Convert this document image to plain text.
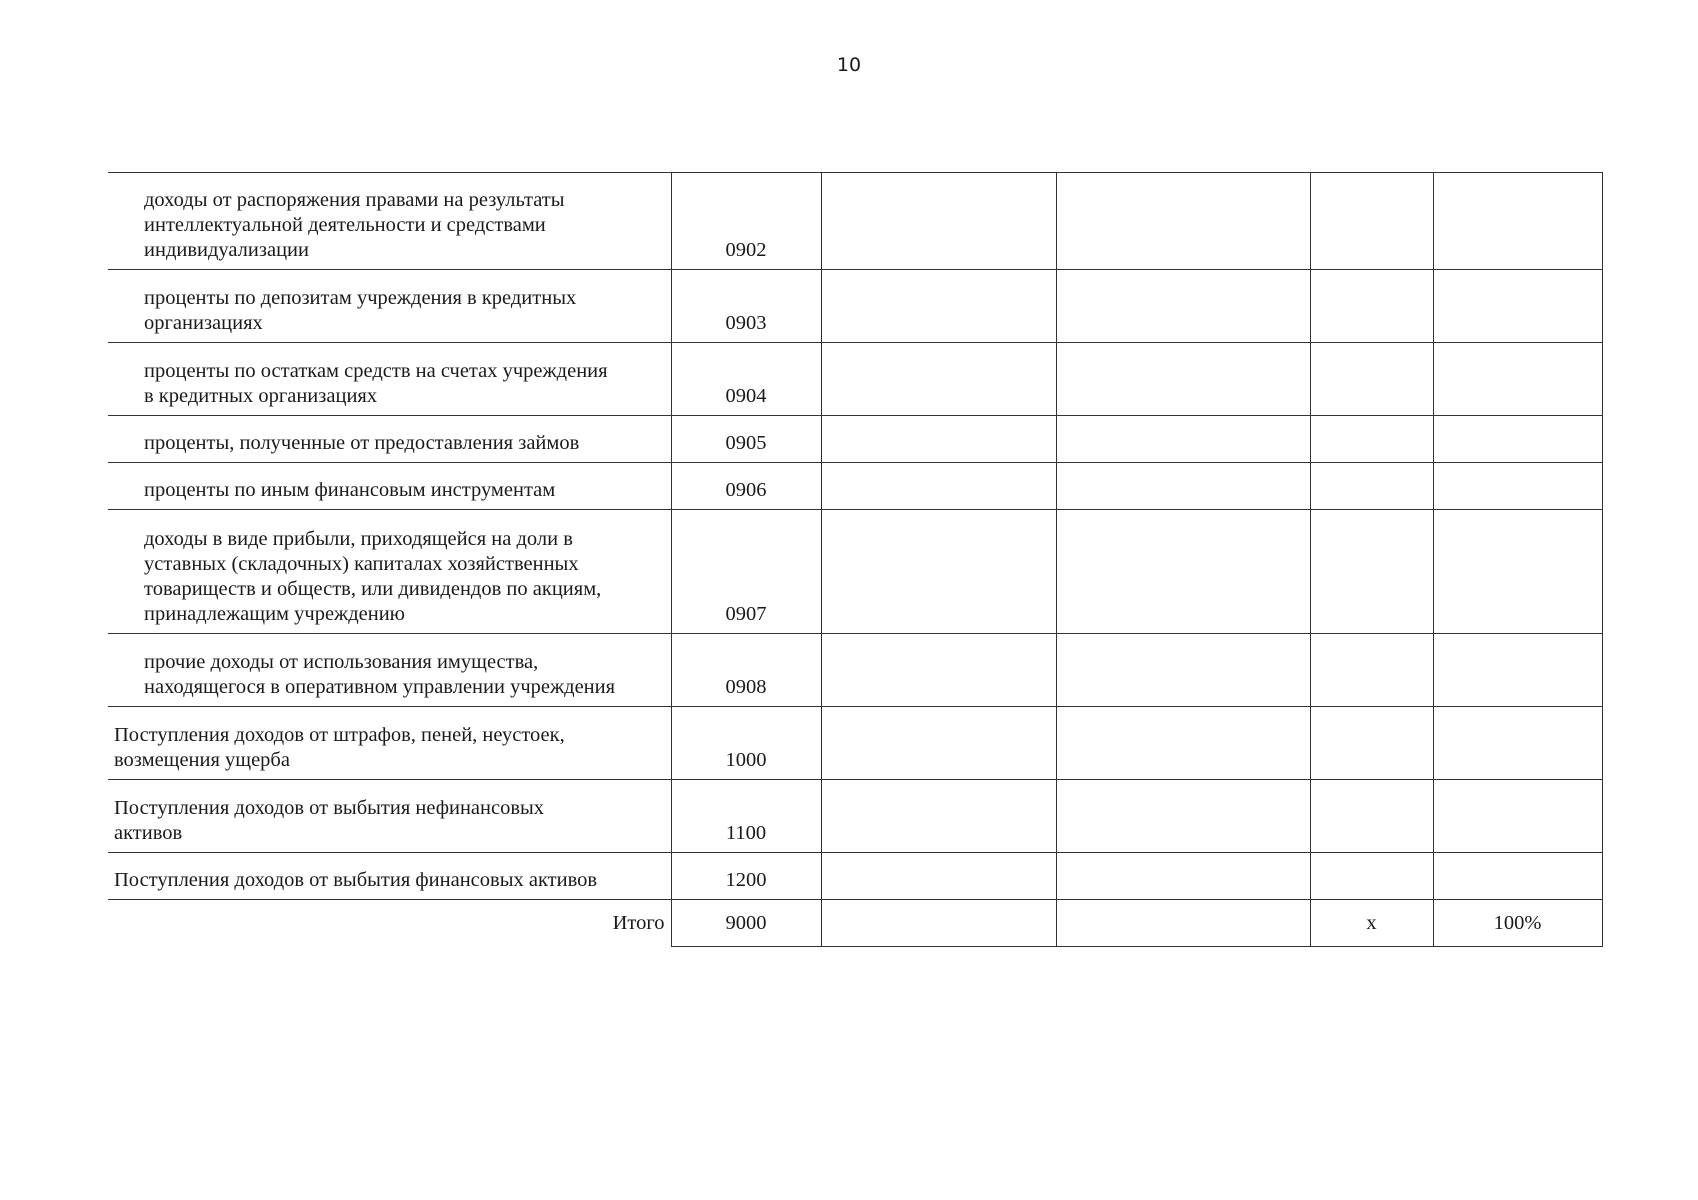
10
доходы от распоряжения правами на результаты
интеллектуальной деятельности и средствами
индивидуализации	0902				

проценты по депозитам учреждения в кредитных
организациях	0903				

проценты по остаткам средств на счетах учреждения
в кредитных организациях	0904				

проценты, полученные от предоставления займов	0905				

проценты по иным финансовым инструментам	0906				

доходы в виде прибыли, приходящейся на доли в
уставных (складочных) капиталах хозяйственных
товариществ и обществ, или дивидендов по акциям,
принадлежащим учреждению	0907				

прочие доходы от использования имущества,
находящегося в оперативном управлении учреждения	0908				

Поступления доходов от штрафов, пеней, неустоек,
возмещения ущерба	1000				

Поступления доходов от выбытия нефинансовых
активов	1100				

Поступления доходов от выбытия финансовых активов	1200				
Итого	9000			х	100%
